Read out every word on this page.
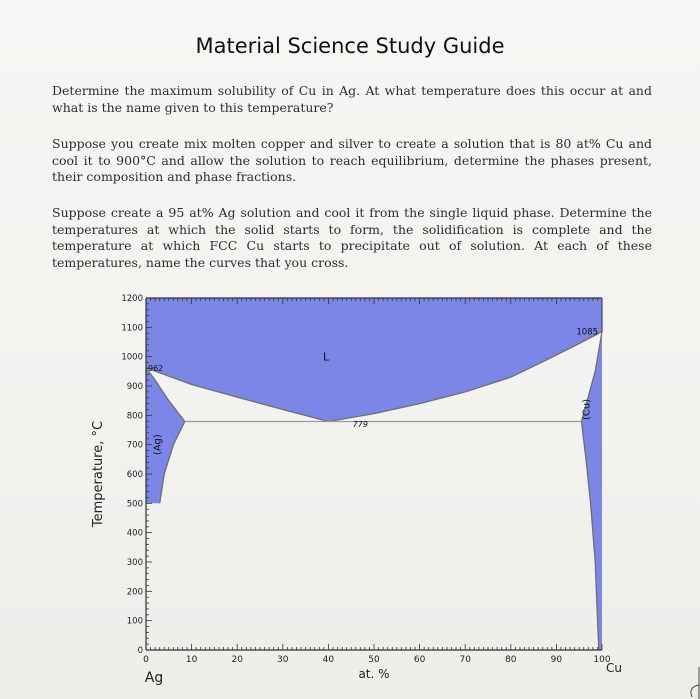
Material Science Study Guide
Determine the maximum solubility of Cu in Ag. At what temperature does this occur at and what is the name given to this temperature?
Suppose you create mix molten copper and silver to create a solution that is 80 at% Cu and cool it to 900°C and allow the solution to reach equilibrium, determine the phases present, their composition and phase fractions.
Suppose create a 95 at% Ag solution and cool it from the single liquid phase. Determine the temperatures at which the solid starts to form, the solidification is complete and the temperature at which FCC Cu starts to precipitate out of solution. At each of these temperatures, name the curves that you cross.
0	10	20	30	40	50	60	70	80	90	100
100
200
300
400
500
600
700
800
900
1000
1100
1200
0
at. %
Ag
Cu
Temperature, °C
962
1085
L
779
(Ag)
(Cu)
